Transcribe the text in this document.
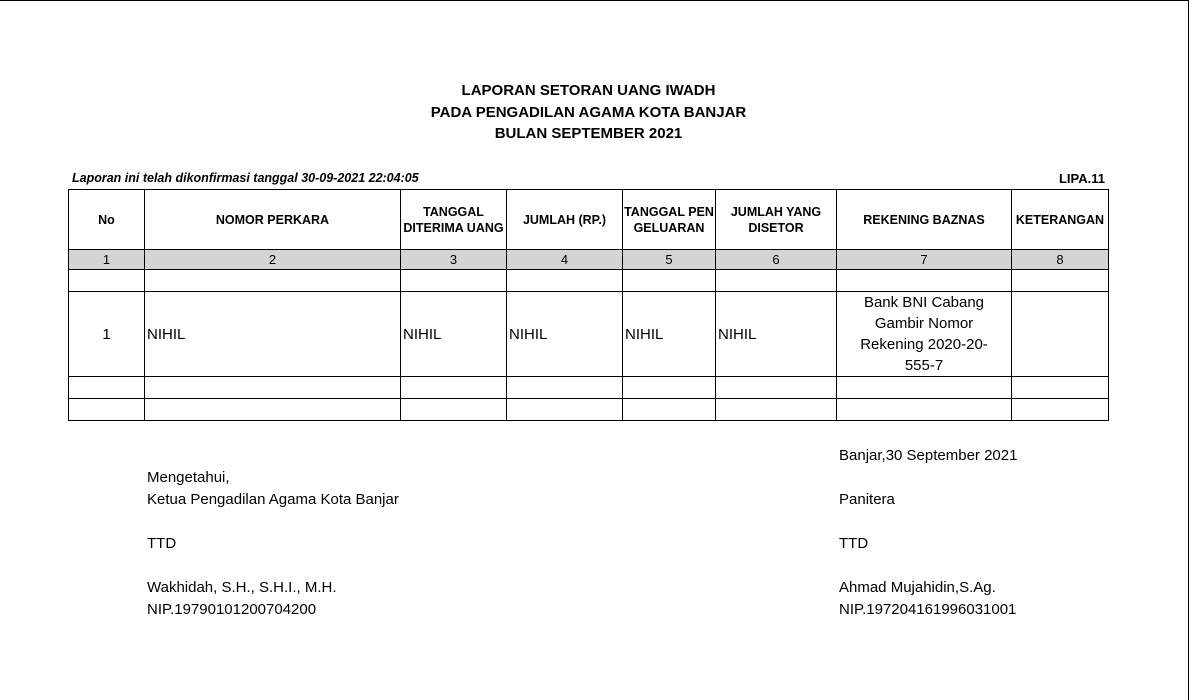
LAPORAN SETORAN UANG IWADH
PADA PENGADILAN AGAMA KOTA BANJAR
BULAN SEPTEMBER 2021
Laporan ini telah dikonfirmasi tanggal 30-09-2021 22:04:05	LIPA.11
No	NOMOR PERKARA	TANGGAL DITERIMA UANG	JUMLAH (RP.)	TANGGAL PENGELUARAN	JUMLAH YANG DISETOR	REKENING BAZNAS	KETERANGAN
1	2	3	4	5	6	7	8

1	NIHIL	NIHIL	NIHIL	NIHIL	NIHIL	Bank BNI Cabang Gambir Nomor Rekening 2020-20-555-7	

Mengetahui,
Ketua Pengadilan Agama Kota Banjar
TTD
Wakhidah, S.H., S.H.I., M.H.
NIP.19790101200704200
Banjar,30 September 2021
Panitera
TTD
Ahmad Mujahidin,S.Ag.
NIP.197204161996031001
